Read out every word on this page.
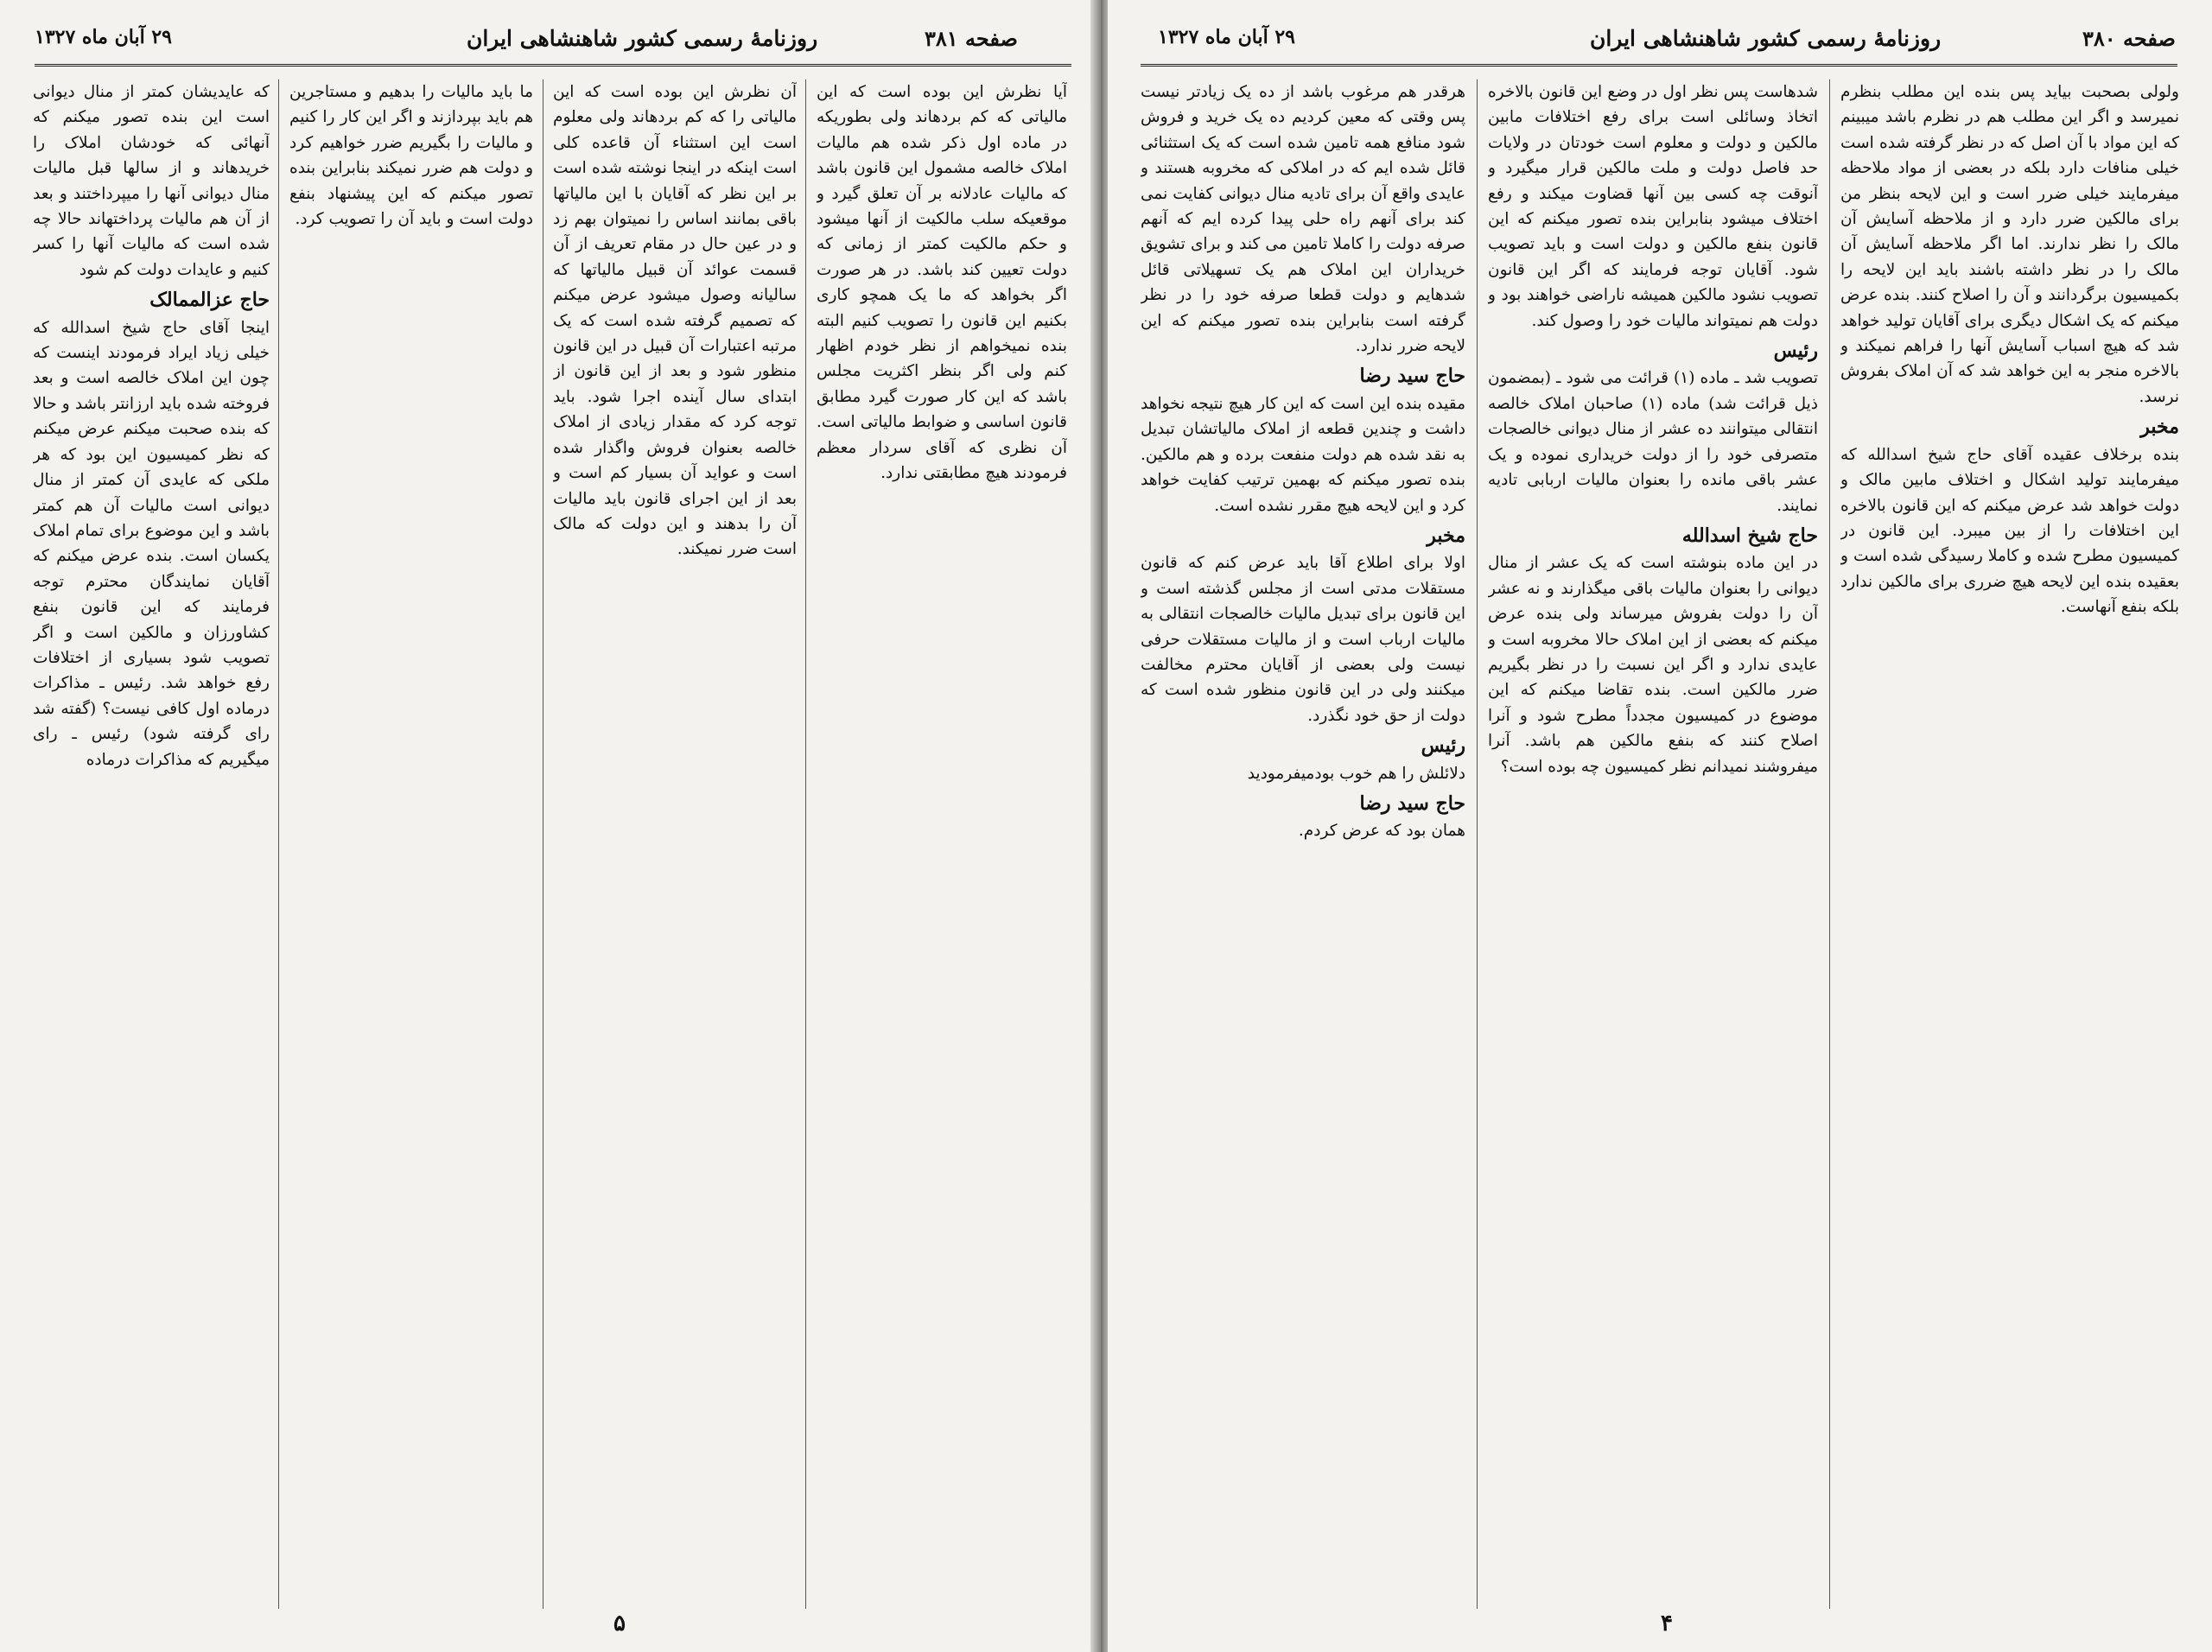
۲۹ آبان ماه ۱۳۲۷	روزنامهٔ رسمی کشور شاهنشاهی ایران	صفحه ۳۸۱

آیا نظرش این بوده است که این مالیاتی که کم بردهاند ولی بطوریکه در ماده اول ذکر شده هم مالیات املاک خالصه مشمول این قانون باشد که مالیات عادلانه بر آن تعلق گیرد و موقعیکه سلب مالکیت از آنها میشود و حکم مالکیت کمتر از زمانی که دولت تعیین کند باشد. در هر صورت اگر بخواهد که ما یک همچو کاری بکنیم این قانون را تصویب کنیم البته بنده نمیخواهم از نظر خودم اظهار کنم ولی اگر بنظر اکثریت مجلس باشد که این کار صورت گیرد مطابق قانون اساسی و ضوابط مالیاتی است. آن نظری که آقای سردار معظم فرمودند هیچ مطابقتی ندارد.

آن نظرش این بوده است که این مالیاتی را که کم بردهاند ولی معلوم است این استثناء آن قاعده کلی است اینکه در اینجا نوشته شده است بر این نظر که آقایان با این مالیاتها باقی بمانند اساس را نمیتوان بهم زد و در عین حال در مقام تعریف از آن قسمت عوائد آن قبیل مالیاتها که سالیانه وصول میشود عرض میکنم که تصمیم گرفته شده است که یک مرتبه اعتبارات آن قبیل در این قانون منظور شود و بعد از این قانون از ابتدای سال آینده اجرا شود. باید توجه کرد که مقدار زیادی از املاک خالصه بعنوان فروش واگذار شده است و عواید آن بسیار کم است و بعد از این اجرای قانون باید مالیات آن را بدهند و این دولت که مالک است ضرر نمیکند.

ما باید مالیات را بدهیم و مستاجرین هم باید بپردازند و اگر این کار را کنیم و مالیات را بگیریم ضرر خواهیم کرد و دولت هم ضرر نمیکند بنابراین بنده تصور میکنم که این پیشنهاد بنفع دولت است و باید آن را تصویب کرد.

که عایدیشان کمتر از منال دیوانی است این بنده تصور میکنم که آنهائی که خودشان املاک را خریدهاند و از سالها قبل مالیات منال دیوانی آنها را میپرداختند و بعد از آن هم مالیات پرداختهاند حالا چه شده است که مالیات آنها را کسر کنیم و عایدات دولت کم شود

حاج عزالممالک

اینجا آقای حاج شیخ اسدالله که خیلی زیاد ایراد فرمودند اینست که چون این املاک خالصه است و بعد فروخته شده باید ارزانتر باشد و حالا که بنده صحبت میکنم عرض میکنم که نظر کمیسیون این بود که هر ملکی که عایدی آن کمتر از منال دیوانی است مالیات آن هم کمتر باشد و این موضوع برای تمام املاک یکسان است. بنده عرض میکنم که آقایان نمایندگان محترم توجه فرمایند که این قانون بنفع کشاورزان و مالکین است و اگر تصویب شود بسیاری از اختلافات رفع خواهد شد. رئیس ـ مذاکرات درماده اول کافی نیست؟ (گفته شد رای گرفته شود) رئیس ـ رای میگیریم که مذاکرات درماده

۵
۲۹ آبان ماه ۱۳۲۷	روزنامهٔ رسمی کشور شاهنشاهی ایران	صفحه ۳۸۰

ولولی بصحبت بیاید پس بنده این مطلب بنظرم نمیرسد و اگر این مطلب هم در نظرم باشد میبینم که این مواد با آن اصل که در نظر گرفته شده است خیلی منافات دارد بلکه در بعضی از مواد ملاحظه میفرمایند خیلی ضرر است و این لایحه بنظر من برای مالکین ضرر دارد و از ملاحظه آسایش آن مالک را نظر ندارند. اما اگر ملاحظه آسایش آن مالک را در نظر داشته باشند باید این لایحه را بکمیسیون برگردانند و آن را اصلاح کنند. بنده عرض میکنم که یک اشکال دیگری برای آقایان تولید خواهد شد که هیچ اسباب آسایش آنها را فراهم نمیکند و بالاخره منجر به این خواهد شد که آن املاک بفروش نرسد.

مخبر

بنده برخلاف عقیده آقای حاج شیخ اسدالله که میفرمایند تولید اشکال و اختلاف مابین مالک و دولت خواهد شد عرض میکنم که این قانون بالاخره این اختلافات را از بین میبرد. این قانون در کمیسیون مطرح شده و کاملا رسیدگی شده است و بعقیده بنده این لایحه هیچ ضرری برای مالکین ندارد بلکه بنفع آنهاست.

شدهاست پس نظر اول در وضع این قانون بالاخره اتخاذ وسائلی است برای رفع اختلافات مابین مالکین و دولت و معلوم است خودتان در ولایات حد فاصل دولت و ملت مالکین قرار میگیرد و آنوقت چه کسی بین آنها قضاوت میکند و رفع اختلاف میشود بنابراین بنده تصور میکنم که این قانون بنفع مالکین و دولت است و باید تصویب شود. آقایان توجه فرمایند که اگر این قانون تصویب نشود مالکین همیشه ناراضی خواهند بود و دولت هم نمیتواند مالیات خود را وصول کند.

رئیس

تصویب شد ـ ماده (۱) قرائت می شود ـ (بمضمون ذیل قرائت شد) ماده (۱) صاحبان املاک خالصه انتقالی میتوانند ده عشر از منال دیوانی خالصجات متصرفی خود را از دولت خریداری نموده و یک عشر باقی مانده را بعنوان مالیات اربابی تادیه نمایند.

حاج شیخ اسدالله

در این ماده بنوشته است که یک عشر از منال دیوانی را بعنوان مالیات باقی میگذارند و نه عشر آن را دولت بفروش میرساند ولی بنده عرض میکنم که بعضی از این املاک حالا مخروبه است و عایدی ندارد و اگر این نسبت را در نظر بگیریم ضرر مالکین است. بنده تقاضا میکنم که این موضوع در کمیسیون مجدداً مطرح شود و آنرا اصلاح کنند که بنفع مالکین هم باشد. آنرا میفروشند نمیدانم نظر کمیسیون چه بوده است؟

هرقدر هم مرغوب باشد از ده یک زیادتر نیست پس وقتی که معین کردیم ده یک خرید و فروش شود منافع همه تامین شده است که یک استثنائی قائل شده ایم که در املاکی که مخروبه هستند و عایدی واقع آن برای تادیه منال دیوانی کفایت نمی کند برای آنهم راه حلی پیدا کرده ایم که آنهم صرفه دولت را کاملا تامین می کند و برای تشویق خریداران این املاک هم یک تسهیلاتی قائل شدهایم و دولت قطعا صرفه خود را در نظر گرفته است بنابراین بنده تصور میکنم که این لایحه ضرر ندارد.

حاج سید رضا

مقیده بنده این است که این کار هیچ نتیجه نخواهد داشت و چندین قطعه از املاک مالیاتشان تبدیل به نقد شده هم دولت منفعت برده و هم مالکین. بنده تصور میکنم که بهمین ترتیب کفایت خواهد کرد و این لایحه هیچ مقرر نشده است.

مخبر

اولا برای اطلاع آقا باید عرض کنم که قانون مستقلات مدتی است از مجلس گذشته است و این قانون برای تبدیل مالیات خالصجات انتقالی به مالیات ارباب است و از مالیات مستقلات حرفی نیست ولی بعضی از آقایان محترم مخالفت میکنند ولی در این قانون منظور شده است که دولت از حق خود نگذرد.

رئیس

دلائلش را هم خوب بودمیفرمودید

حاج سید رضا

همان بود که عرض کردم.

۴
